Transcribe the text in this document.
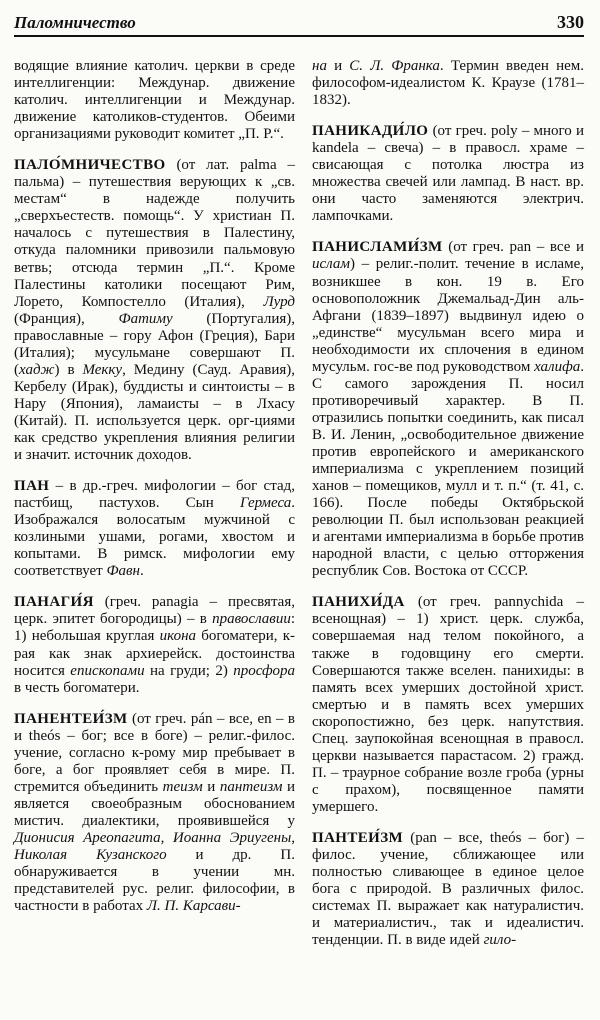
Паломничество	330

водящие влияние католич. церкви в среде интеллигенции: Междунар. движение католич. интеллигенции и Междунар. движение католиков-студентов. Обеими организациями руководит комитет „П. Р.“.

ПАЛО́МНИЧЕСТВО (от лат. palma – пальма) – путешествия верующих к „св. местам“ в надежде получить „сверхъестеств. помощь“. У христиан П. началось с путешествия в Палестину, откуда паломники привозили пальмовую ветвь; отсюда термин „П.“. Кроме Палестины католики посещают Рим, Лорето, Компостелло (Италия), Лурд (Франция), Фатиму (Португалия), православные – гору Афон (Греция), Бари (Италия); мусульмане совершают П. (хадж) в Мекку, Медину (Сауд. Аравия), Кербелу (Ирак), буддисты и синтоисты – в Нару (Япония), ламаисты – в Лхасу (Китай). П. используется церк. орг-циями как средство укрепления влияния религии и значит. источник доходов.

ПАН – в др.-греч. мифологии – бог стад, пастбищ, пастухов. Сын Гермеса. Изображался волосатым мужчиной с козлиными ушами, рогами, хвостом и копытами. В римск. мифологии ему соответствует Фавн.

ПАНАГИ́Я (греч. panagia – пресвятая, церк. эпитет богородицы) – в православии: 1) небольшая круглая икона богоматери, к-рая как знак архиерейск. достоинства носится епископами на груди; 2) просфора в честь богоматери.

ПАНЕНТЕИ́ЗМ (от греч. pán – все, en – в и theós – бог; все в боге) – религ.-филос. учение, согласно к-рому мир пребывает в боге, а бог проявляет себя в мире. П. стремится объединить теизм и пантеизм и является своеобразным обоснованием мистич. диалектики, проявившейся у Дионисия Ареопагита, Иоанна Эриугены, Николая Кузанского и др. П. обнаруживается в учении мн. представителей рус. религ. философии, в частности в работах Л. П. Карсави-

на и С. Л. Франка. Термин введен нем. философом-идеалистом К. Краузе (1781–1832).

ПАНИКАДИ́ЛО (от греч. poly – много и kandela – свеча) – в правосл. храме – свисающая с потолка люстра из множества свечей или лампад. В наст. вр. они часто заменяются электрич. лампочками.

ПАНИСЛАМИ́ЗМ (от греч. pan – все и ислам) – религ.-полит. течение в исламе, возникшее в кон. 19 в. Его основоположник Джемальад-Дин аль-Афгани (1839–1897) выдвинул идею о „единстве“ мусульман всего мира и необходимости их сплочения в едином мусульм. гос-ве под руководством халифа. С самого зарождения П. носил противоречивый характер. В П. отразились попытки соединить, как писал В. И. Ленин, „освободительное движение против европейского и американского империализма с укреплением позиций ханов – помещиков, мулл и т. п.“ (т. 41, с. 166). После победы Октябрьской революции П. был использован реакцией и агентами империализма в борьбе против народной власти, с целью отторжения республик Сов. Востока от СССР.

ПАНИХИ́ДА (от греч. pannychida – всенощная) – 1) христ. церк. служба, совершаемая над телом покойного, а также в годовщину его смерти. Совершаются также вселен. панихиды: в память всех умерших достойной христ. смертью и в память всех умерших скоропостижно, без церк. напутствия. Спец. заупокойная всенощная в правосл. церкви называется парастасом. 2) гражд. П. – траурное собрание возле гроба (урны с прахом), посвященное памяти умершего.

ПАНТЕИ́ЗМ (pan – все, theós – бог) – филос. учение, сближающее или полностью сливающее в единое целое бога с природой. В различных филос. системах П. выражает как натуралистич. и материалистич., так и идеалистич. тенденции. П. в виде идей гило-
